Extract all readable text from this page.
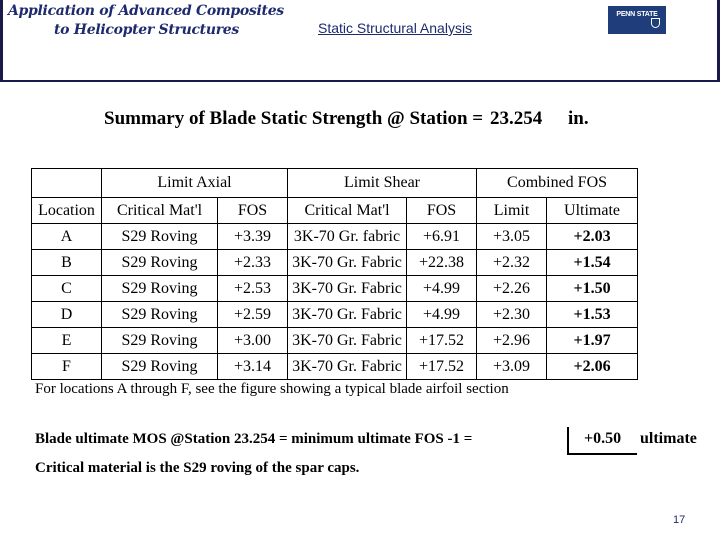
Application of Advanced Composites
to Helicopter Structures	Static Structural Analysis
PENN STATE
Summary of Blade Static Strength @ Station = 23.254 in.
	Limit Axial		Limit Shear		Combined FOS	
Location	Critical Mat'l	FOS	Critical Mat'l	FOS	Limit	Ultimate
A	S29 Roving	+3.39	3K-70 Gr. fabric	+6.91	+3.05	+2.03
B	S29 Roving	+2.33	3K-70 Gr. Fabric	+22.38	+2.32	+1.54
C	S29 Roving	+2.53	3K-70 Gr. Fabric	+4.99	+2.26	+1.50
D	S29 Roving	+2.59	3K-70 Gr. Fabric	+4.99	+2.30	+1.53
E	S29 Roving	+3.00	3K-70 Gr. Fabric	+17.52	+2.96	+1.97
F	S29 Roving	+3.14	3K-70 Gr. Fabric	+17.52	+3.09	+2.06
For locations A through F, see the figure showing a typical blade airfoil section
Blade ultimate MOS @Station 23.254 = minimum ultimate FOS -1 =	+0.50 ultimate
Critical material is the S29 roving of the spar caps.
17
